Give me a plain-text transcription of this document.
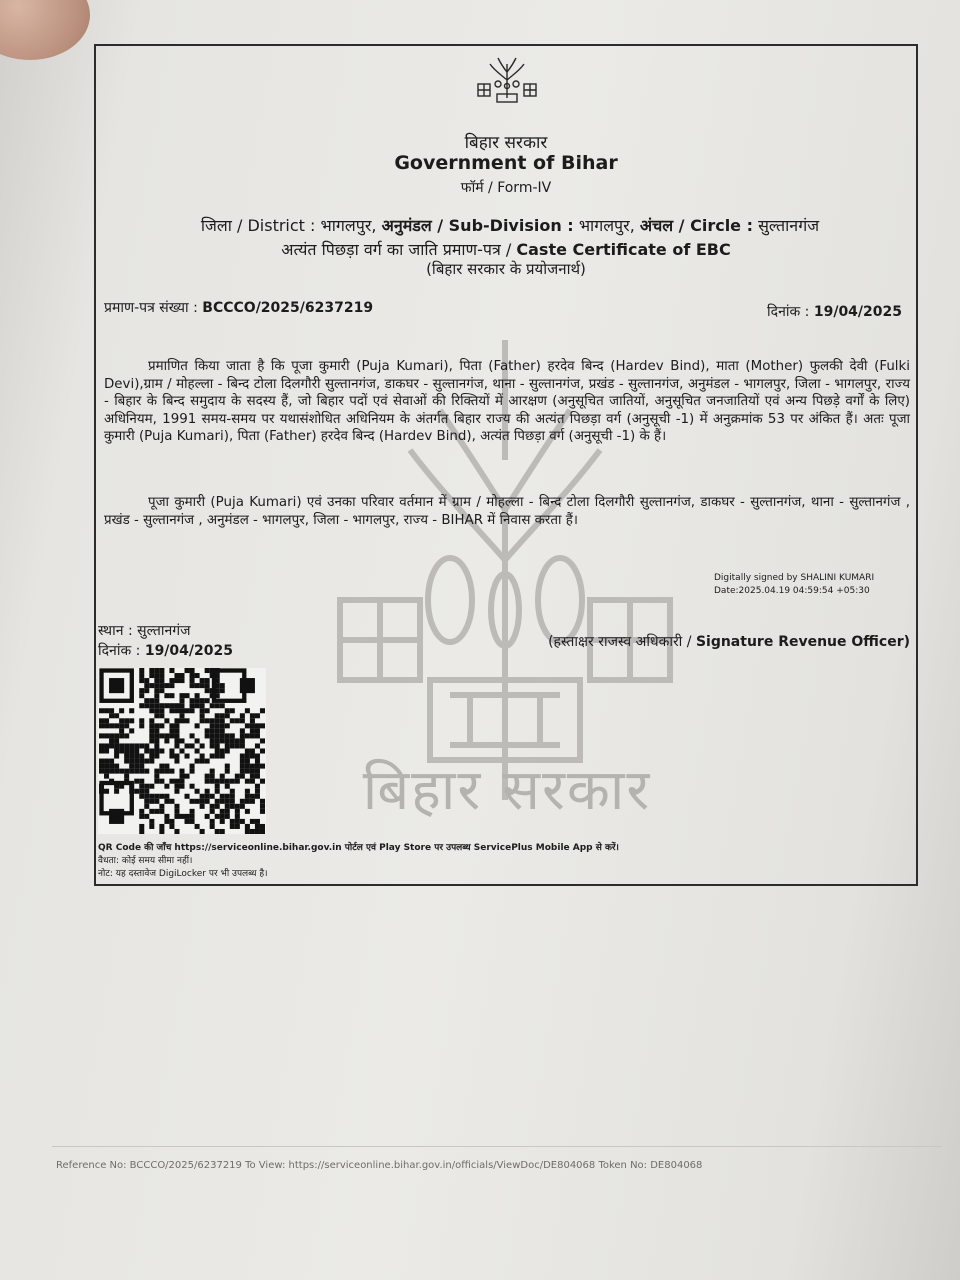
बिहार सरकार
बिहार सरकार
Government of Bihar
फॉर्म / Form-IV
जिला / District : भागलपुर, अनुमंडल / Sub-Division : भागलपुर, अंचल / Circle : सुल्तानगंज
अत्यंत पिछड़ा वर्ग का जाति प्रमाण-पत्र / Caste Certificate of EBC
(बिहार सरकार के प्रयोजनार्थ)
प्रमाण-पत्र संख्या : BCCCO/2025/6237219	दिनांक : 19/04/2025
प्रमाणित किया जाता है कि पूजा कुमारी (Puja Kumari), पिता (Father) हरदेव बिन्द (Hardev Bind), माता (Mother) फुलकी देवी (Fulki Devi),ग्राम / मोहल्ला - बिन्द टोला दिलगौरी सुल्तानगंज, डाकघर - सुल्तानगंज, थाना - सुल्तानगंज, प्रखंड - सुल्तानगंज, अनुमंडल - भागलपुर, जिला - भागलपुर, राज्य - बिहार के बिन्द समुदाय के सदस्य हैं, जो बिहार पदों एवं सेवाओं की रिक्तियों में आरक्षण (अनुसूचित जातियों, अनुसूचित जनजातियों एवं अन्य पिछड़े वर्गों के लिए) अधिनियम, 1991 समय-समय पर यथासंशोधित अधिनियम के अंतर्गत बिहार राज्य की अत्यंत पिछड़ा वर्ग (अनुसूची -1) में अनुक्रमांक 53 पर अंकित हैं। अतः पूजा कुमारी (Puja Kumari), पिता (Father) हरदेव बिन्द (Hardev Bind), अत्यंत पिछड़ा वर्ग (अनुसूची -1) के हैं।
पूजा कुमारी (Puja Kumari) एवं उनका परिवार वर्तमान में ग्राम / मोहल्ला - बिन्द टोला दिलगौरी सुल्तानगंज, डाकघर - सुल्तानगंज, थाना - सुल्तानगंज , प्रखंड - सुल्तानगंज , अनुमंडल - भागलपुर, जिला - भागलपुर, राज्य - BIHAR में निवास करता हैं।
Digitally signed by SHALINI KUMARI
Date:2025.04.19 04:59:54 +05:30
स्थान : सुल्तानगंज
दिनांक : 19/04/2025
(हस्ताक्षर राजस्व अधिकारी / Signature Revenue Officer)
QR Code की जाँच https://serviceonline.bihar.gov.in पोर्टल एवं Play Store पर उपलब्ध ServicePlus Mobile App से करें।
वैधता: कोई समय सीमा नहीं।
नोट: यह दस्तावेज DigiLocker पर भी उपलब्ध है।
Reference No: BCCCO/2025/6237219 To View: https://serviceonline.bihar.gov.in/officials/ViewDoc/DE804068 Token No: DE804068
